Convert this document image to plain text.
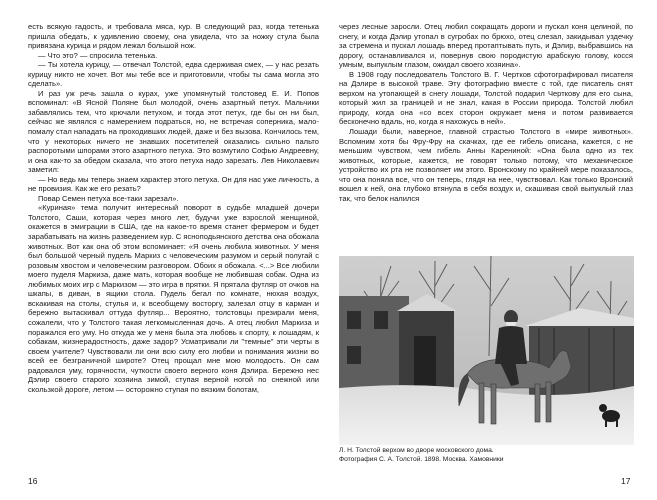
есть всякую гадость, и требовала мяса, кур. В следующий раз, когда тетенька пришла обедать, к удивлению своему, она увидела, что за ножку стула была привязана курица и рядом лежал большой нож.

— Что это? — спросила тетенька.

— Ты хотела курицу, — отвечал Толстой, едва сдерживая смех, — у нас резать курицу никто не хочет. Вот мы тебе все и приготовили, чтобы ты сама могла это сделать».

И раз уж речь зашла о курах, уже упомянутый толстовед Е. И. Попов вспоминал: «В Ясной Поляне был молодой, очень азартный петух. Мальчики забавлялись тем, что крючали петухом, и тогда этот петух, где бы он ни был, сейчас же являлся с намерением подраться, но, не встречая соперника, мало-помалу стал нападать на проходивших людей, даже и без вызова. Кончилось тем, что у некоторых ничего не знавших посетителей оказались сильно пальто распоротыми шпорами этого азартного петуха. Это возмутило Софью Андреевну, и она как-то за обедом сказала, что этого петуха надо зарезать. Лев Николаевич заметил:

— Но ведь мы теперь знаем характер этого петуха. Он для нас уже личность, а не провизия. Как же его резать?

Повар Семен петуха все-таки зарезал».

«Куриная» тема получит интересный поворот в судьбе младшей дочери Толстого, Саши, которая через много лет, будучи уже взрослой женщиной, окажется в эмиграции в США, где на какое-то время станет фермером и будет зарабатывать на жизнь разведением кур. С ясноподьянского детства она обожала животных. Вот как она об этом вспоминает: «Я очень любила животных. У меня был большой черный пудель Маркиз с человеческим разумом и серый полугай с розовым хвостом и человеческим разговором. Обоих я обожала. <...> Все любили моего пуделя Маркиза, даже мать, которая вообще не любившая собак. Одна из любимых моих игр с Маркизом — это игра в прятки. Я прятала футляр от очков на шкапы, в диван, в ящики стола. Пудель бегал по комнате, нюхая воздух, вскакивая на столы, стулья и, к всеобщему восторгу, залезал отцу в карман и бережно вытаскивал оттуда футляр... Вероятно, толстовцы презирали меня, сожалели, что у Толстого такая легкомысленная дочь. А отец любил Маркиза и поражался его уму. Но откуда же у меня была эта любовь к спорту, к лошадям, к собакам, жизнерадостность, даже задор? Усматривали ли "темные" эти черты в своем учителе? Чувствовали ли они всю силу его любви и понимания жизни во всей ее безграничной широте? Отец прощал мне мою молодость. Он сам радовался уму, горячности, чуткости своего верного коня Дэлира. Бережно нес Дэлир своего старого хозяина зимой, ступая верной ногой по снежной или скользкой дороге, летом — осторожно ступая по вязким болотам,

через лесные заросли. Отец любил сокращать дороги и пускал коня целиной, по снегу, и когда Дэлир утопал в сугробах по брюхо, отец слезал, закидывал уздечку за стремена и пускал лошадь вперед протаптывать путь, и Дэлир, выбравшись на дорогу, останавливался и, повернув свою породистую арабскую голову, косся умным, выпуклым глазом, ожидал своего хозяина».

В 1908 году последователь Толстого В. Г. Чертков сфотографировал писателя на Дэлире в высокой траве. Эту фотографию вместе с той, где писатель снят верхом на утопающей в снегу лошади, Толстой подарил Черткову для его сына, который жил за границей и не знал, какая в России природа. Толстой любил природу, когда она «со всех сторон окружает меня и потом развивается бесконечно вдаль, но, когда я нахожусь в ней».

Лошади были, наверное, главной страстью Толстого в «мире животных». Вспомним хотя бы Фру-Фру на скачках, где ее гибель описана, кажется, с не меньшим чувством, чем гибель Анны Карениной: «Она была одно из тех животных, которые, кажется, не говорят только потому, что механическое устройство их рта не позволяет им этого. Вронскому по крайней мере показалось, что она поняла все, что он теперь, глядя на нее, чувствовал. Как только Вронский вошел к ней, она глубоко втянула в себя воздух и, скашивая свой выпуклый глаз так, что белок налился

Л. Н. Толстой верхом во дворе московского дома.
Фотография С. А. Толстой. 1898. Москва. Хамовники
16	17
